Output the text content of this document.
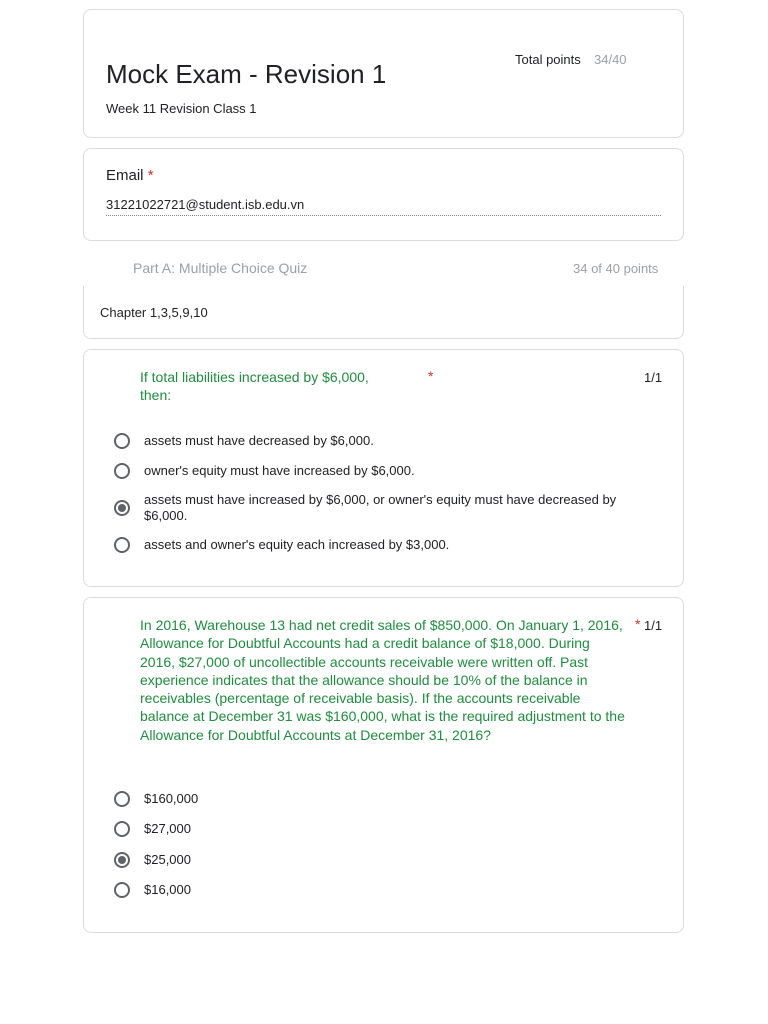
Mock Exam - Revision 1
Week 11 Revision Class 1
Total points 34/40
Email *
31221022721@student.isb.edu.vn
Part A: Multiple Choice Quiz	34 of 40 points
Chapter 1,3,5,9,10
If total liabilities increased by $6,000, then:
*	1/1
assets must have decreased by $6,000.
owner's equity must have increased by $6,000.
assets must have increased by $6,000, or owner's equity must have decreased by $6,000.
assets and owner's equity each increased by $3,000.
In 2016, Warehouse 13 had net credit sales of $850,000. On January 1, 2016, Allowance for Doubtful Accounts had a credit balance of $18,000. During 2016, $27,000 of uncollectible accounts receivable were written off. Past experience indicates that the allowance should be 10% of the balance in receivables (percentage of receivable basis). If the accounts receivable balance at December 31 was $160,000, what is the required adjustment to the Allowance for Doubtful Accounts at December 31, 2016?
* 1/1
$160,000
$27,000
$25,000
$16,000
